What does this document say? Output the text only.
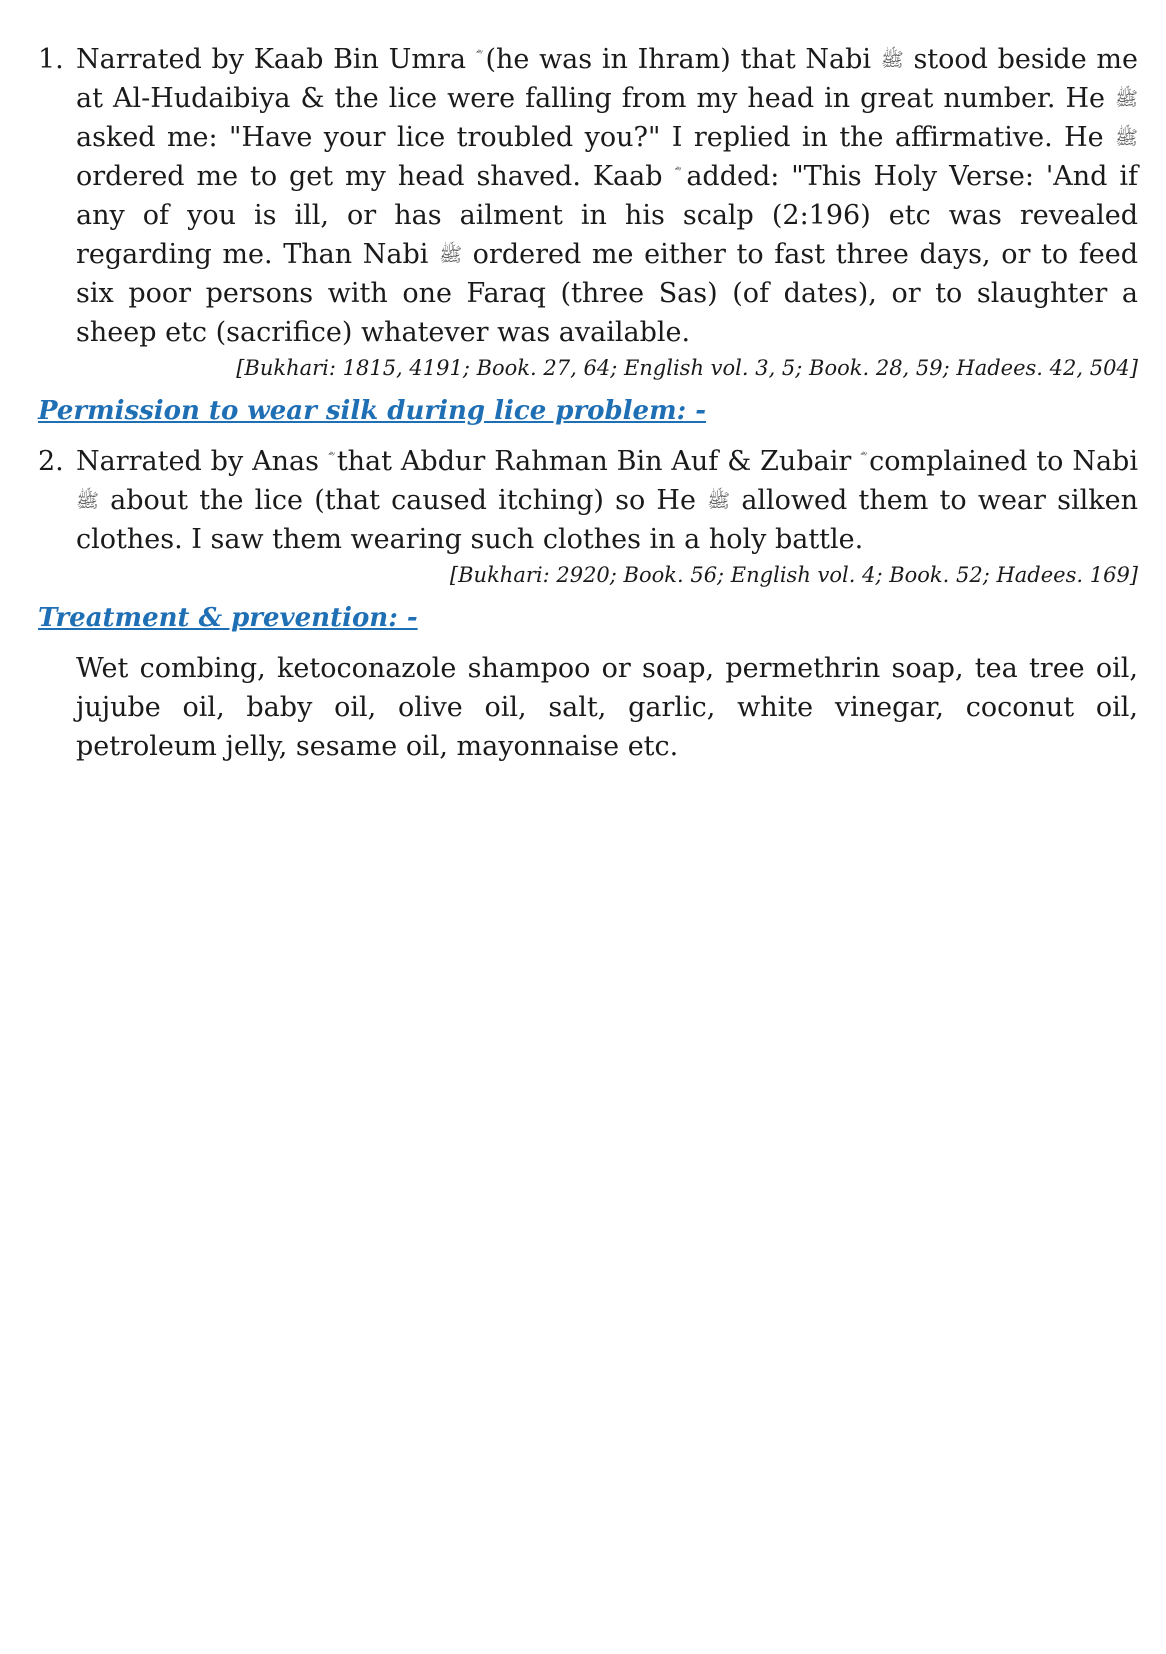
1. Narrated by Kaab Bin Umra (he was in Ihram) that Nabi ﷺ stood beside me at Al-Hudaibiya & the lice were falling from my head in great number. He ﷺ asked me: "Have your lice troubled you?" I replied in the affirmative. He ﷺ ordered me to get my head shaved. Kaab added: "This Holy Verse: 'And if any of you is ill, or has ailment in his scalp (2:196) etc was revealed regarding me. Than Nabi ﷺ ordered me either to fast three days, or to feed six poor persons with one Faraq (three Sas) (of dates), or to slaughter a sheep etc (sacrifice) whatever was available.
[Bukhari: 1815, 4191; Book. 27, 64; English vol. 3, 5; Book. 28, 59; Hadees. 42, 504]
Permission to wear silk during lice problem: -
2. Narrated by Anas that Abdur Rahman Bin Auf & Zubair complained to Nabi ﷺ about the lice (that caused itching) so He ﷺ allowed them to wear silken clothes. I saw them wearing such clothes in a holy battle.
[Bukhari: 2920; Book. 56; English vol. 4; Book. 52; Hadees. 169]
Treatment & prevention: -
Wet combing, ketoconazole shampoo or soap, permethrin soap, tea tree oil, jujube oil, baby oil, olive oil, salt, garlic, white vinegar, coconut oil, petroleum jelly, sesame oil, mayonnaise etc.
